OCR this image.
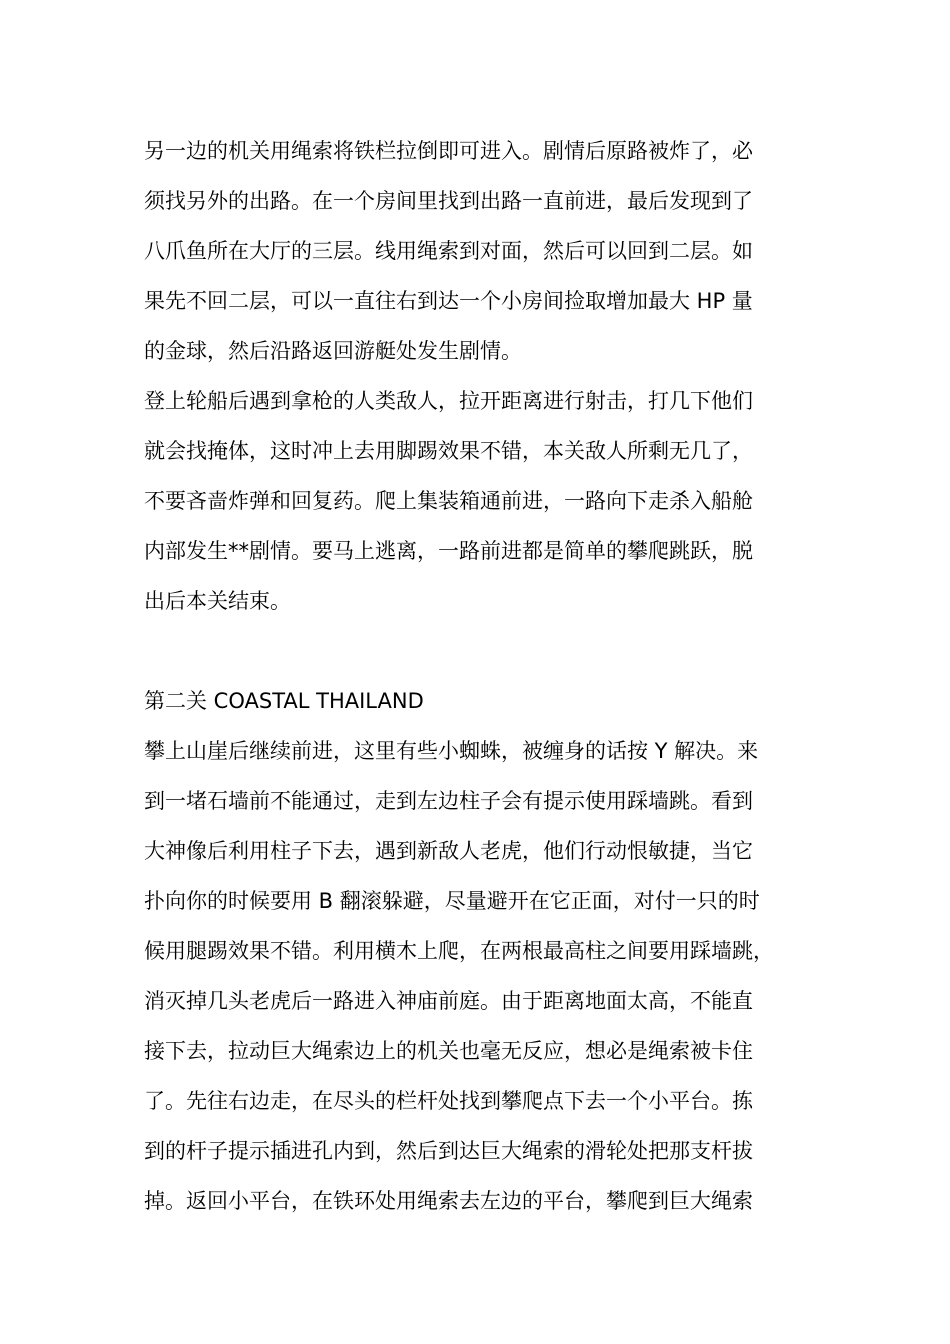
另一边的机关用绳索将铁栏拉倒即可进入。剧情后原路被炸了，必
须找另外的出路。在一个房间里找到出路一直前进，最后发现到了
八爪鱼所在大厅的三层。线用绳索到对面，然后可以回到二层。如
果先不回二层，可以一直往右到达一个小房间捡取增加最大 HP 量
的金球，然后沿路返回游艇处发生剧情。
登上轮船后遇到拿枪的人类敌人，拉开距离进行射击，打几下他们
就会找掩体，这时冲上去用脚踢效果不错，本关敌人所剩无几了，
不要吝啬炸弹和回复药。爬上集装箱通前进，一路向下走杀入船舱
内部发生**剧情。要马上逃离，一路前进都是简单的攀爬跳跃，脱
出后本关结束。
第二关 COASTAL THAILAND
攀上山崖后继续前进，这里有些小蜘蛛，被缠身的话按 Y 解决。来
到一堵石墙前不能通过，走到左边柱子会有提示使用踩墙跳。看到
大神像后利用柱子下去，遇到新敌人老虎，他们行动恨敏捷，当它
扑向你的时候要用 B 翻滚躲避，尽量避开在它正面，对付一只的时
候用腿踢效果不错。利用横木上爬，在两根最高柱之间要用踩墙跳，
消灭掉几头老虎后一路进入神庙前庭。由于距离地面太高，不能直
接下去，拉动巨大绳索边上的机关也毫无反应，想必是绳索被卡住
了。先往右边走，在尽头的栏杆处找到攀爬点下去一个小平台。拣
到的杆子提示插进孔内到，然后到达巨大绳索的滑轮处把那支杆拔
掉。返回小平台，在铁环处用绳索去左边的平台，攀爬到巨大绳索
